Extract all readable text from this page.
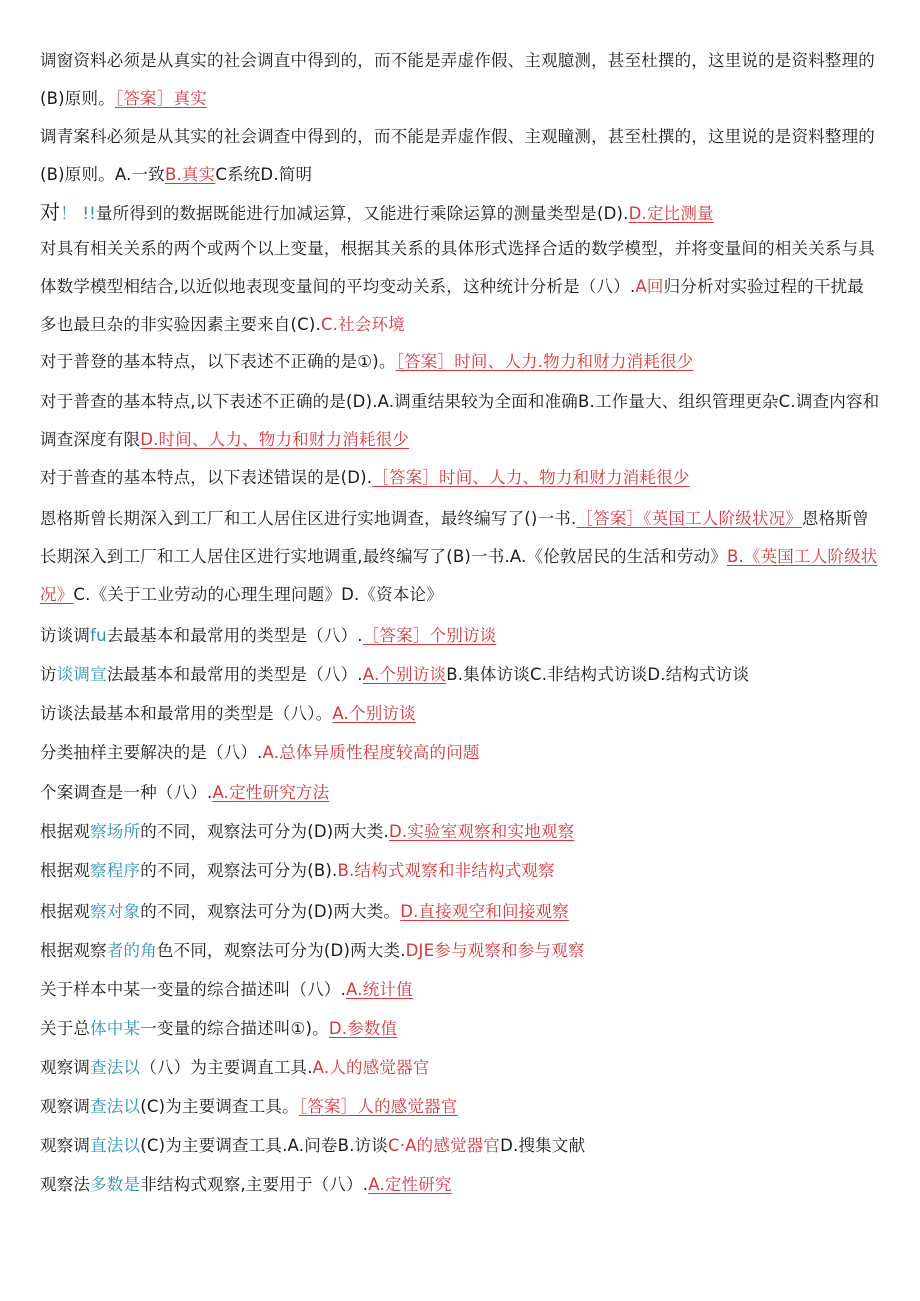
调窗资料必须是从真实的社会调直中得到的，而不能是弄虚作假、主观臆测，甚至杜撰的，这里说的是资料整理的(B)原则。［答案］真实

调青案科必须是从其实的社会调查中得到的，而不能是弄虚作假、主观瞳测，甚至杜撰的，这里说的是资料整理的(B)原则。A.一致B.真实C系统D.简明

对！ !!量所得到的数据既能进行加减运算，又能进行乘除运算的测量类型是(D).D.定比测量

对具有相关关系的两个或两个以上变量，根据其关系的具体形式选择合适的数学模型，并将变量间的相关关系与具体数学模型相结合,以近似地表现变量间的平均变动关系，这种统计分析是（八）.A回归分析对实验过程的干扰最多也最旦杂的非实验因素主要来自(C).C.社会环境

对于普登的基本特点，以下表述不正确的是①)。［答案］时间、人力.物力和财力消耗很少

对于普查的基本特点,以下表述不正确的是(D).A.调重结果较为全面和准确B.工作量大、组织管理更杂C.调查内容和调查深度有限D.时间、人力、物力和财力消耗很少

对于普查的基本特点，以下表述错误的是(D).［答案］时间、人力、物力和财力消耗很少

恩格斯曾长期深入到工厂和工人居住区进行实地调查，最终编写了()一书.［答案］《英国工人阶级状况》恩格斯曾长期深入到工厂和工人居住区进行实地调重,最终编写了(B)一书.A.《伦敦居民的生活和劳动》B.《英国工人阶级状况》C.《关于工业劳动的心理生理问题》D.《资本论》

访谈调fu去最基本和最常用的类型是（八）.［答案］个别访谈

访谈调宣法最基本和最常用的类型是（八）.A.个别访谈B.集体访谈C.非结构式访谈D.结构式访谈

访谈法最基本和最常用的类型是（八）。A.个别访谈

分类抽样主要解决的是（八）.A.总体异质性程度较高的问题

个案调查是一种（八）.A.定性研究方法

根据观察场所的不同，观察法可分为(D)两大类.D.实验室观察和实地观察

根据观察程序的不同，观察法可分为(B).B.结构式观察和非结构式观察

根据观察对象的不同，观察法可分为(D)两大类。D.直接观空和间接观察

根据观察者的角色不同，观察法可分为(D)两大类.DJE参与观察和参与观察

关于样本中某一变量的综合描述叫（八）.A.统计值

关于总体中某一变量的综合描述叫①)。D.参数值

观察调查法以（八）为主要调直工具.A.人的感觉器官

观察调查法以(C)为主要调查工具。［答案］人的感觉器官

观察调直法以(C)为主要调查工具.A.问卷B.访谈C·A的感觉器官D.搜集文献

观察法多数是非结构式观察,主要用于（八）.A.定性研究
